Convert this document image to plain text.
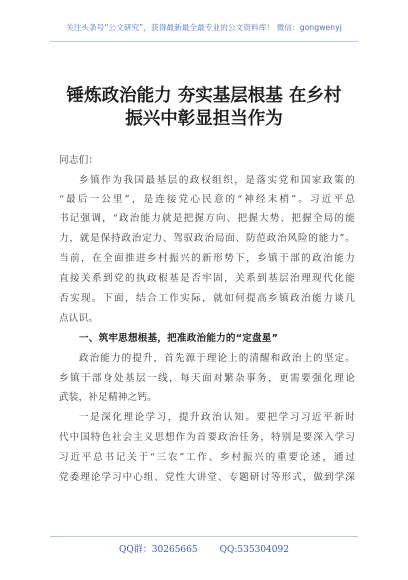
关注头条号“公文研究”，获得最新最全最专业的公文资料库！ 微信：gongwenyj
锤炼政治能力 夯实基层根基 在乡村
振兴中彰显担当作为
同志们：
乡镇作为我国最基层的政权组织，是落实党和国家政策的
“最后一公里”，是连接党心民意的“神经末梢”。习近平总
书记强调，“政治能力就是把握方向、把握大势、把握全局的能
力，就是保持政治定力、驾驭政治局面、防范政治风险的能力”。
当前，在全面推进乡村振兴的新形势下，乡镇干部的政治能力
直接关系到党的执政根基是否牢固，关系到基层治理现代化能
否实现。下面，结合工作实际，就如何提高乡镇政治能力谈几
点认识。
一、筑牢思想根基，把准政治能力的“定盘星”
政治能力的提升，首先源于理论上的清醒和政治上的坚定。
乡镇干部身处基层一线，每天面对繁杂事务，更需要强化理论
武装，补足精神之钙。
一是深化理论学习，提升政治认知。要把学习习近平新时
代中国特色社会主义思想作为首要政治任务，特别是要深入学习
习近平总书记关于“三农”工作、乡村振兴的重要论述，通过
党委理论学习中心组、党性大讲堂、专题研讨等形式，做到学深
QQ群：30265665 QQ:535304092
